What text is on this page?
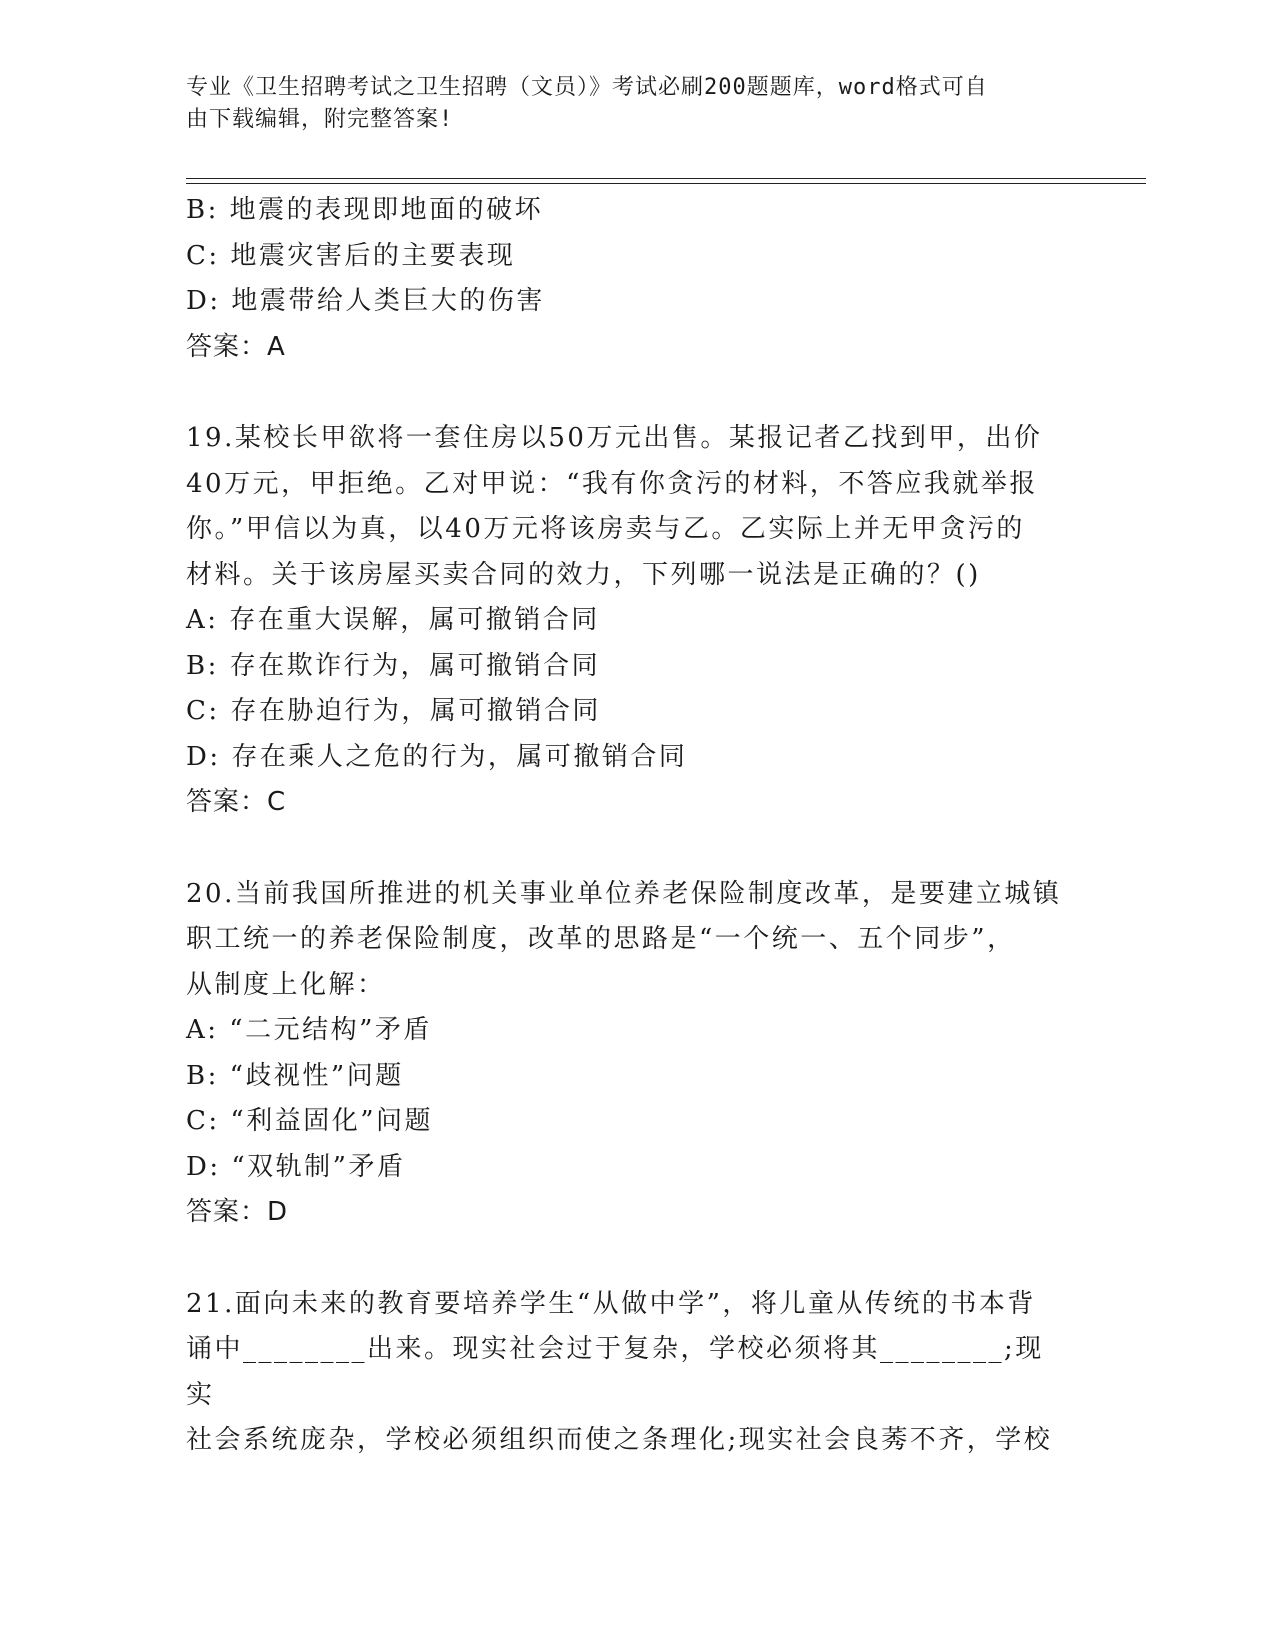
专业《卫生招聘考试之卫生招聘（文员）》考试必刷200题题库，word格式可自
由下载编辑，附完整答案!
B: 地震的表现即地面的破坏
C: 地震灾害后的主要表现
D: 地震带给人类巨大的伤害
答案：A
19.某校长甲欲将一套住房以50万元出售。某报记者乙找到甲，出价
40万元，甲拒绝。乙对甲说：“我有你贪污的材料，不答应我就举报
你。”甲信以为真，以40万元将该房卖与乙。乙实际上并无甲贪污的
材料。关于该房屋买卖合同的效力，下列哪一说法是正确的？()
A: 存在重大误解，属可撤销合同
B: 存在欺诈行为，属可撤销合同
C: 存在胁迫行为，属可撤销合同
D: 存在乘人之危的行为，属可撤销合同
答案：C
20.当前我国所推进的机关事业单位养老保险制度改革，是要建立城镇
职工统一的养老保险制度，改革的思路是“一个统一、五个同步”，
从制度上化解：
A: “二元结构”矛盾
B: “歧视性”问题
C: “利益固化”问题
D: “双轨制”矛盾
答案：D
21.面向未来的教育要培养学生“从做中学”，将儿童从传统的书本背
诵中________出来。现实社会过于复杂，学校必须将其________;现实
社会系统庞杂，学校必须组织而使之条理化;现实社会良莠不齐，学校
